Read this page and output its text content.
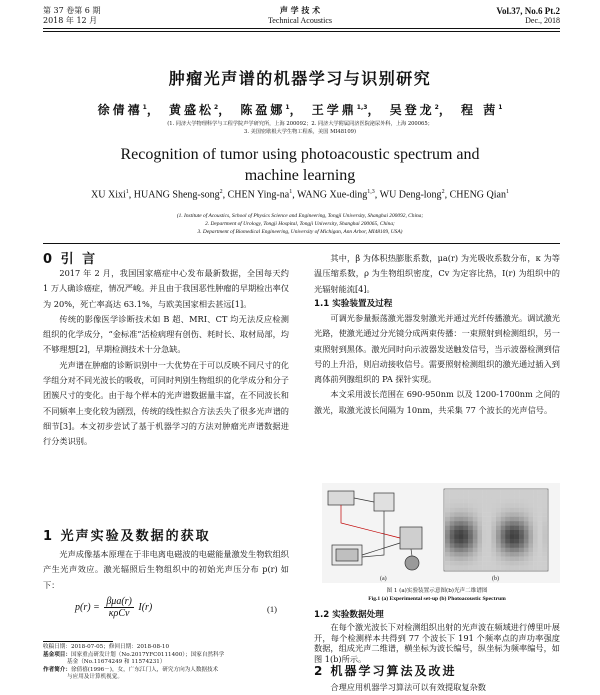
第 37 卷第 6 期
2018 年 12 月
声 学 技 术
Technical Acoustics
Vol.37, No.6 Pt.2
Dec., 2018
肿瘤光声谱的机器学习与识别研究
徐倩禧$^1$， 黄盛松$^2$， 陈盈娜$^1$， 王学鼎$^{1,3}$， 吴登龙$^2$， 程 茜$^1$
(1. 同济大学物理科学与工程学院声学研究所，上海 200092；2. 同济大学附属同济医院泌尿外科，上海 200065；
3. 美国密歇根大学生物工程系，美国 MI48109)
Recognition of tumor using photoacoustic spectrum and
machine learning
XU Xixi$^1$, HUANG Sheng-song$^2$, CHEN Ying-$na^1$, WANG Xue-ding$^{1,3}$, WU Deng-long$^2$, CHENG Qian$^1$
(1. Institute of Acoustics, School of Physics Science and Engineering, Tongji University, Shanghai 200092, China;
2. Department of Urology, Tongji Hospital, Tongji University, Shanghai 200065, China;
3. Department of Biomedical Engineering, University of Michigan, Ann Arbor, MI48109, USA)
0 引 言

2017 年 2 月，我国国家癌症中心发布最新数据，全国每天约 1 万人确诊癌症，情况严峻。并且由于我国恶性肿瘤的早期检出率仅为 20%，死亡率高达 63.1%，与欧美国家相去甚远[1]。

传统的影像医学诊断技术如 B 超、MRI、CT 均无法反应检测组织的化学成分，“金标准”活检病理有创伤、耗时长、取材局部，均不够理想[2]，早期检测技术十分急缺。

光声谱在肿瘤的诊断识别中一大优势在于可以反映不同尺寸的化学组分对不同光波长的吸收，可同时判别生物组织的化学成分和分子团簇尺寸的变化。由于每个样本的光声谱数据量丰富，在不同波长和不同频率上变化较为剧烈，传统的线性拟合方法丢失了很多光声谱的细节[3]。本文初步尝试了基于机器学习的方法对肿瘤光声谱数据进行分类识别。

1 光声实验及数据的获取

光声成像基本原理在于非电离电磁波的电磁能量激发生物软组织产生光声效应。激光辐照后生物组织中的初始光声压分布 p(r) 如下：

$p(r) = \frac{\text{βμa(r)}}{\text{κρCv}} I(r)$	(1)
收稿日期：2018-07-05；修回日期：2018-08-10
基金项目：国家重点研发计划（No.2017YFC0111400）；国家自然科学
基金（No.11674249 和 11574231）
作者简介：徐倩禧(1996－)，女，广东江门人，研究方向为人数据技术
与应用及计算机视觉。

其中，β 为体积热膨胀系数，μa(r) 为光吸收系数分布，κ 为等温压缩系数，ρ 为生物组织密度，Cv 为定容比热，I(r) 为组织中的光辐射能流[4]。

1.1 实验装置及过程

可调光参量振荡激光器发射激光并通过光纤传播激光。调试激光光路，使激光通过分光镜分成两束传播：一束照射到检测组织，另一束照射到黑体。激光同时向示波器发送触发信号，当示波器检测到信号的上升沿，则启动接收信号。需要照射检测组织的激光通过插入到离体前列腺组织的 PA 探针实现。

本文采用波长范围在 690-950nm 以及 1200-1700nm 之间的激光，取激光波长间隔为 10nm，共采集 77 个波长的光声信号。

(a)	(b)
图 1 (a)实验装置示意图(b)光声二维谱图
Fig.1 (a) Experimental set-up (b) Photoacoustic Spectrum
1.2 实验数据处理

在每个激光波长下对检测组织出射的光声波在频域进行傅里叶展开，每个检测样本共得到 77 个波长下 191 个频率点的声功率强度数据，组成光声二维谱，横坐标为波长编号，纵坐标为频率编号，如图 1(b)所示。

2 机器学习算法及改进

合理应用机器学习算法可以有效提取复杂数
